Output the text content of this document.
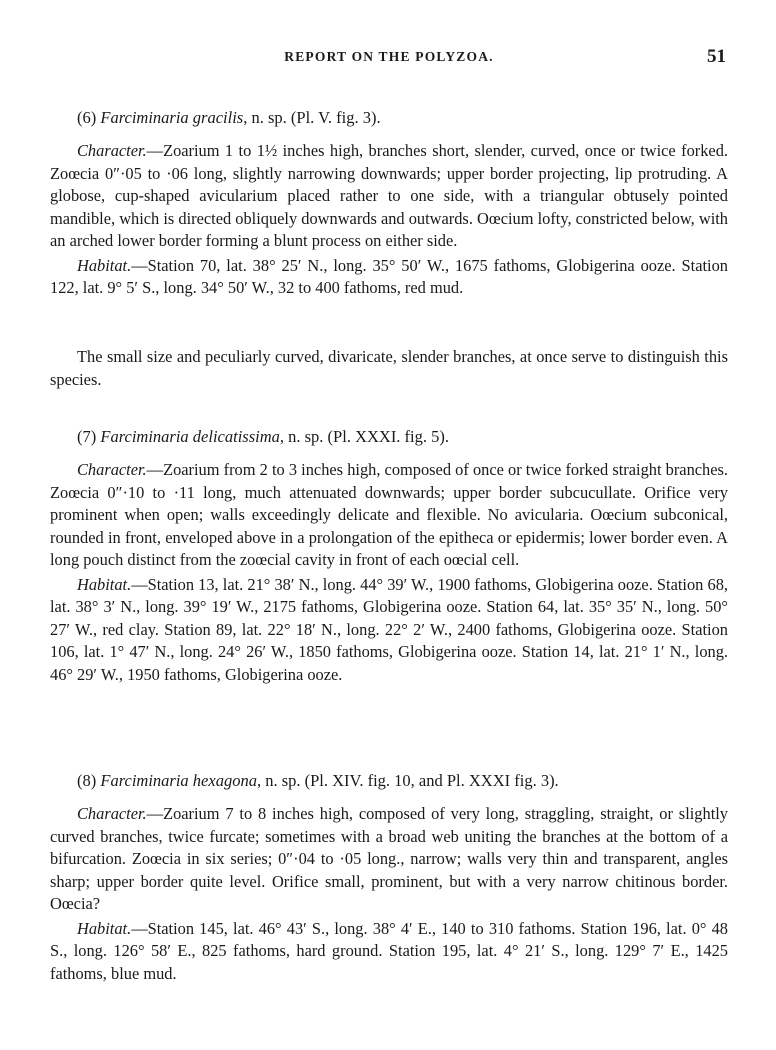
REPORT ON THE POLYZOA.	51
(6) Farciminaria gracilis, n. sp. (Pl. V. fig. 3).

Character.—Zoarium 1 to 1½ inches high, branches short, slender, curved, once or twice forked. Zoœcia 0″·05 to ·06 long, slightly narrowing downwards; upper border projecting, lip protruding. A globose, cup-shaped avicularium placed rather to one side, with a triangular obtusely pointed mandible, which is directed obliquely downwards and outwards. Oœcium lofty, constricted below, with an arched lower border forming a blunt process on either side.

Habitat.—Station 70, lat. 38° 25′ N., long. 35° 50′ W., 1675 fathoms, Globigerina ooze. Station 122, lat. 9° 5′ S., long. 34° 50′ W., 32 to 400 fathoms, red mud.

The small size and peculiarly curved, divaricate, slender branches, at once serve to distinguish this species.

(7) Farciminaria delicatissima, n. sp. (Pl. XXXI. fig. 5).

Character.—Zoarium from 2 to 3 inches high, composed of once or twice forked straight branches. Zoœcia 0″·10 to ·11 long, much attenuated downwards; upper border subcucullate. Orifice very prominent when open; walls exceedingly delicate and flexible. No avicularia. Oœcium subconical, rounded in front, enveloped above in a prolongation of the epitheca or epidermis; lower border even. A long pouch distinct from the zoœcial cavity in front of each oœcial cell.

Habitat.—Station 13, lat. 21° 38′ N., long. 44° 39′ W., 1900 fathoms, Globigerina ooze. Station 68, lat. 38° 3′ N., long. 39° 19′ W., 2175 fathoms, Globigerina ooze. Station 64, lat. 35° 35′ N., long. 50° 27′ W., red clay. Station 89, lat. 22° 18′ N., long. 22° 2′ W., 2400 fathoms, Globigerina ooze. Station 106, lat. 1° 47′ N., long. 24° 26′ W., 1850 fathoms, Globigerina ooze. Station 14, lat. 21° 1′ N., long. 46° 29′ W., 1950 fathoms, Globigerina ooze.

(8) Farciminaria hexagona, n. sp. (Pl. XIV. fig. 10, and Pl. XXXI fig. 3).

Character.—Zoarium 7 to 8 inches high, composed of very long, straggling, straight, or slightly curved branches, twice furcate; sometimes with a broad web uniting the branches at the bottom of a bifurcation. Zoœcia in six series; 0″·04 to ·05 long., narrow; walls very thin and transparent, angles sharp; upper border quite level. Orifice small, prominent, but with a very narrow chitinous border. Oœcia?

Habitat.—Station 145, lat. 46° 43′ S., long. 38° 4′ E., 140 to 310 fathoms. Station 196, lat. 0° 48 S., long. 126° 58′ E., 825 fathoms, hard ground. Station 195, lat. 4° 21′ S., long. 129° 7′ E., 1425 fathoms, blue mud.
